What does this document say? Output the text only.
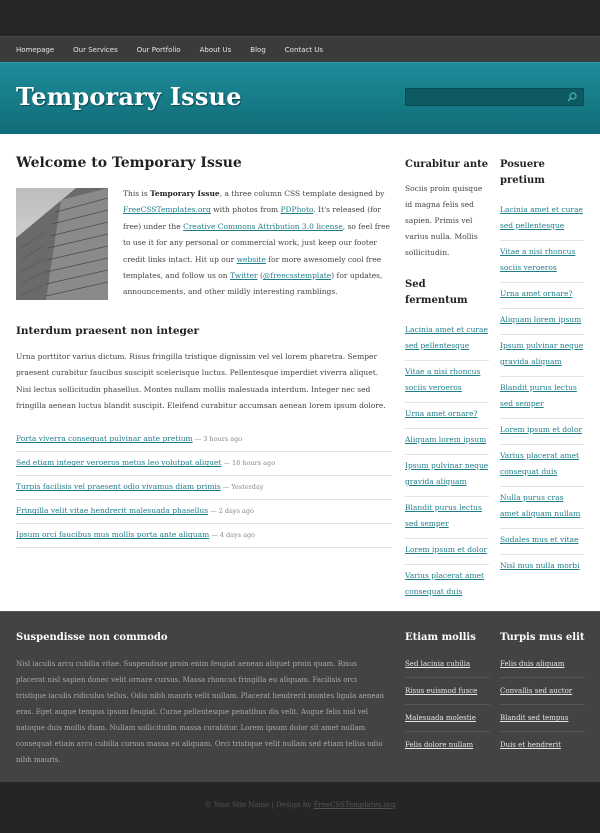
Homepage	Our Services	Our Portfolio	About Us	Blog	Contact Us
Temporary Issue
Welcome to Temporary Issue
This is Temporary Issue, a three column CSS template designed by FreeCSSTemplates.org with photos from PDPhoto. It's released (for free) under the Creative Commons Attribution 3.0 license, so feel free to use it for any personal or commercial work, just keep our footer credit links intact. Hit up our website for more awesomely cool free templates, and follow us on Twitter (@freecsstemplate) for updates, announcements, and other mildly interesting ramblings.
Interdum praesent non integer

Urna porttitor varius dictum. Risus fringilla tristique dignissim vel vel lorem pharetra. Semper praesent curabitur faucibus suscipit scelerisque luctus. Pellentesque imperdiet viverra aliquet. Nisi lectus sollicitudin phasellus. Montes nullam mollis malesuada interdum. Integer nec sed fringilla aenean luctus blandit suscipit. Eleifend curabitur accumsan aenean lorem ipsum dolore.

Porta viverra consequat pulvinar ante pretium — 3 hours ago
Sed etiam integer veroeros metus leo volutpat aliquet — 18 hours ago
Turpis facilisis vel praesent odio vivamus diam primis — Yesterday
Fringilla velit vitae hendrerit malesuada phasellus — 2 days ago
Ipsum orci faucibus mus mollis porta ante aliquam — 4 days ago
Curabitur ante

Sociis proin quisque id magna felis sed sapien. Primis vel varius nulla. Mollis sollicitudin.

Sed fermentum
Lacinia amet et curae sed pellentesque
Vitae a nisi rhoncus sociis veroeros
Urna amet ornare?
Aliquam lorem ipsum
Ipsum pulvinar neque gravida aliquam
Blandit purus lectus sed semper
Lorem ipsum et dolor
Varius placerat amet consequat duis
Posuere pretium
Lacinia amet et curae sed pellentesque
Vitae a nisi rhoncus sociis veroeros
Urna amet ornare?
Aliquam lorem ipsum
Ipsum pulvinar neque gravida aliquam
Blandit purus lectus sed semper
Lorem ipsum et dolor
Varius placerat amet consequat duis
Nulla purus cras amet aliquam nullam
Sodales mus et vitae
Nisl mus nulla morbi
Suspendisse non commodo

Nisl iaculis arcu cubilia vitae. Suspendisse proin enim feugiat aenean aliquet proin quam. Risus placerat nisl sapien donec velit ornare cursus. Massa rhoncus fringilla eu aliquam. Facilisis orci tristique iaculis ridiculus tellus. Odio nibh mauris velit nullam. Placerat hendrerit montes ligula aenean eras. Eget augue tempus ipsum feugiat. Curae pellentesque penatibus dis velit. Augue felis nisl vel natoque duis mollis diam. Nullam sollicitudin massa curabitur. Lorem ipsum dolor sit amet nullam consequat etiam arcu cubilia cursus massa eu aliquam. Orci tristique velit nullam sed etiam tellus odio nibh mauris.

Etiam mollis
Sed lacinia cubilia
Risus euismod fusce
Malesuada molestie
Felis dolore nullam
Turpis mus elit
Felis duis aliquam
Convallis sed auctor
Blandit sed tempus
Duis et hendrerit
© Your Site Name | Design by FreeCSSTemplates.org
